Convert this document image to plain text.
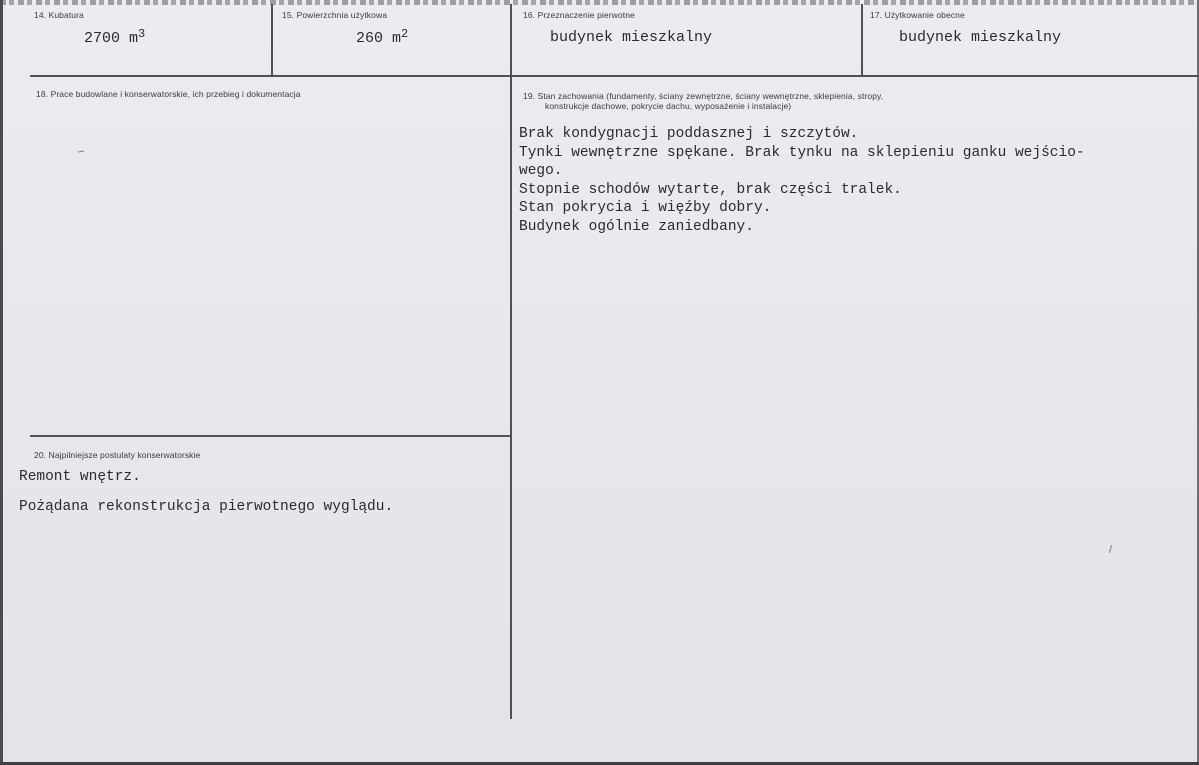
14. Kubatura
2700 $m^3$
15. Powierzchnia użytkowa
260 $m^2$
16. Przeznaczenie pierwotne
budynek mieszkalny
17. Użytkowanie obecne
budynek mieszkalny
18. Prace budowlane i konserwatorskie, ich przebieg i dokumentacja	19. Stan zachowania (fundamenty, ściany zewnętrzne, ściany wewnętrzne, sklepienia, stropy,
konstrukcje dachowe, pokrycie dachu, wyposażenie i instalacje)
Brak kondygnacji poddasznej i szczytów.
Tynki wewnętrzne spękane. Brak tynku na sklepieniu ganku wejścio-
wego.
Stopnie schodów wytarte, brak części tralek.
Stan pokrycia i więźby dobry.
Budynek ogólnie zaniedbany.
20. Najpilniejsze postulaty konserwatorskie
Remont wnętrz.
Pożądana rekonstrukcja pierwotnego wyglądu.
